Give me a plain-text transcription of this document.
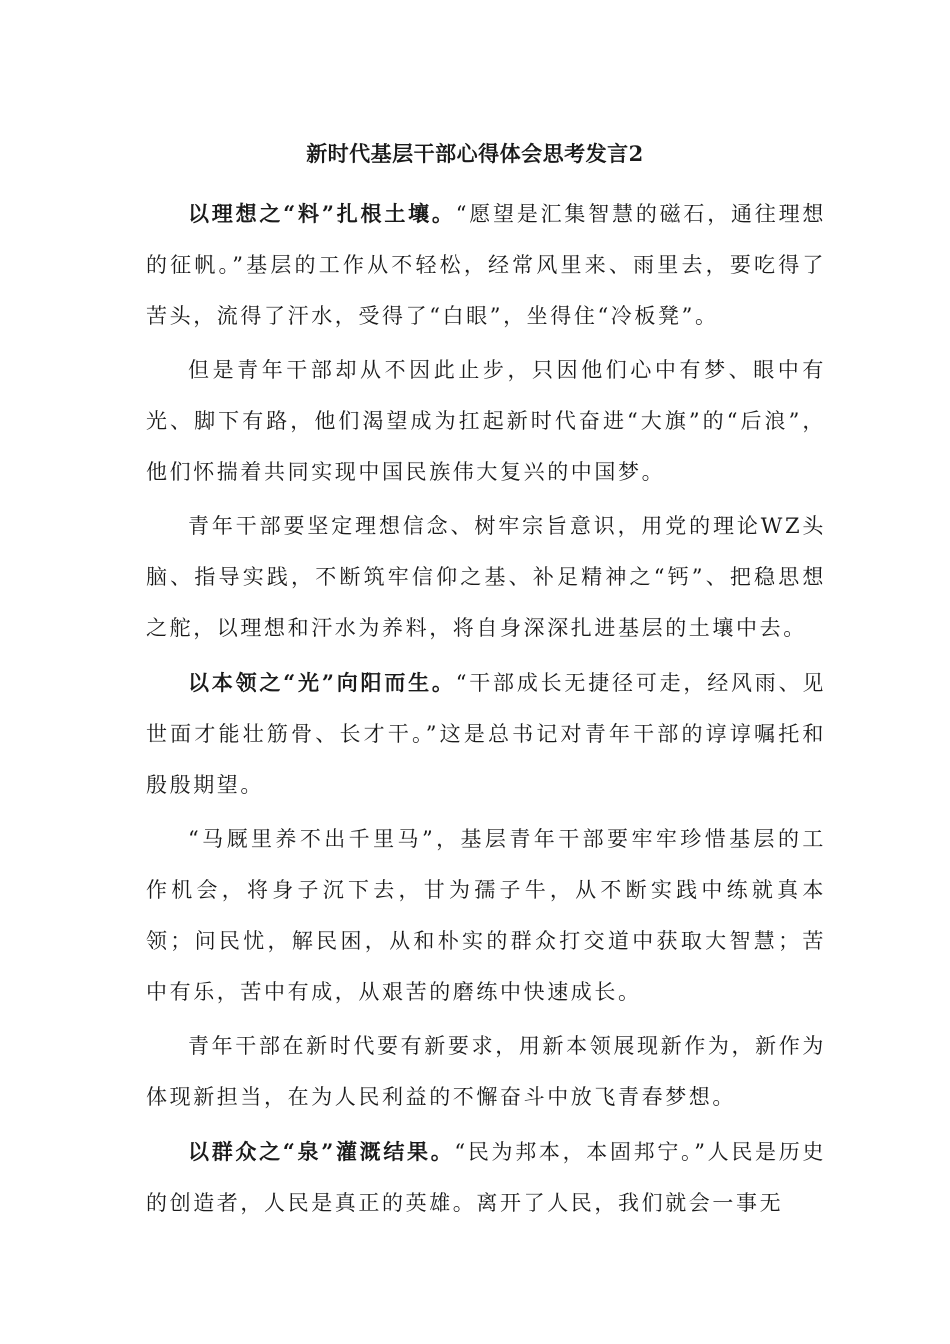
新时代基层干部心得体会思考发言2

以理想之“料”扎根土壤。“愿望是汇集智慧的磁石，通往理想的征帆。”基层的工作从不轻松，经常风里来、雨里去，要吃得了苦头，流得了汗水，受得了“白眼”，坐得住“冷板凳”。

但是青年干部却从不因此止步，只因他们心中有梦、眼中有光、脚下有路，他们渴望成为扛起新时代奋进“大旗”的“后浪”，他们怀揣着共同实现中国民族伟大复兴的中国梦。

青年干部要坚定理想信念、树牢宗旨意识，用党的理论WZ头脑、指导实践，不断筑牢信仰之基、补足精神之“钙”、把稳思想之舵，以理想和汗水为养料，将自身深深扎进基层的土壤中去。

以本领之“光”向阳而生。“干部成长无捷径可走，经风雨、见世面才能壮筋骨、长才干。”这是总书记对青年干部的谆谆嘱托和殷殷期望。

“马厩里养不出千里马”，基层青年干部要牢牢珍惜基层的工作机会，将身子沉下去，甘为孺子牛，从不断实践中练就真本领；问民忧，解民困，从和朴实的群众打交道中获取大智慧；苦中有乐，苦中有成，从艰苦的磨练中快速成长。

青年干部在新时代要有新要求，用新本领展现新作为，新作为体现新担当，在为人民利益的不懈奋斗中放飞青春梦想。

以群众之“泉”灌溉结果。“民为邦本，本固邦宁。”人民是历史的创造者，人民是真正的英雄。离开了人民，我们就会一事无
